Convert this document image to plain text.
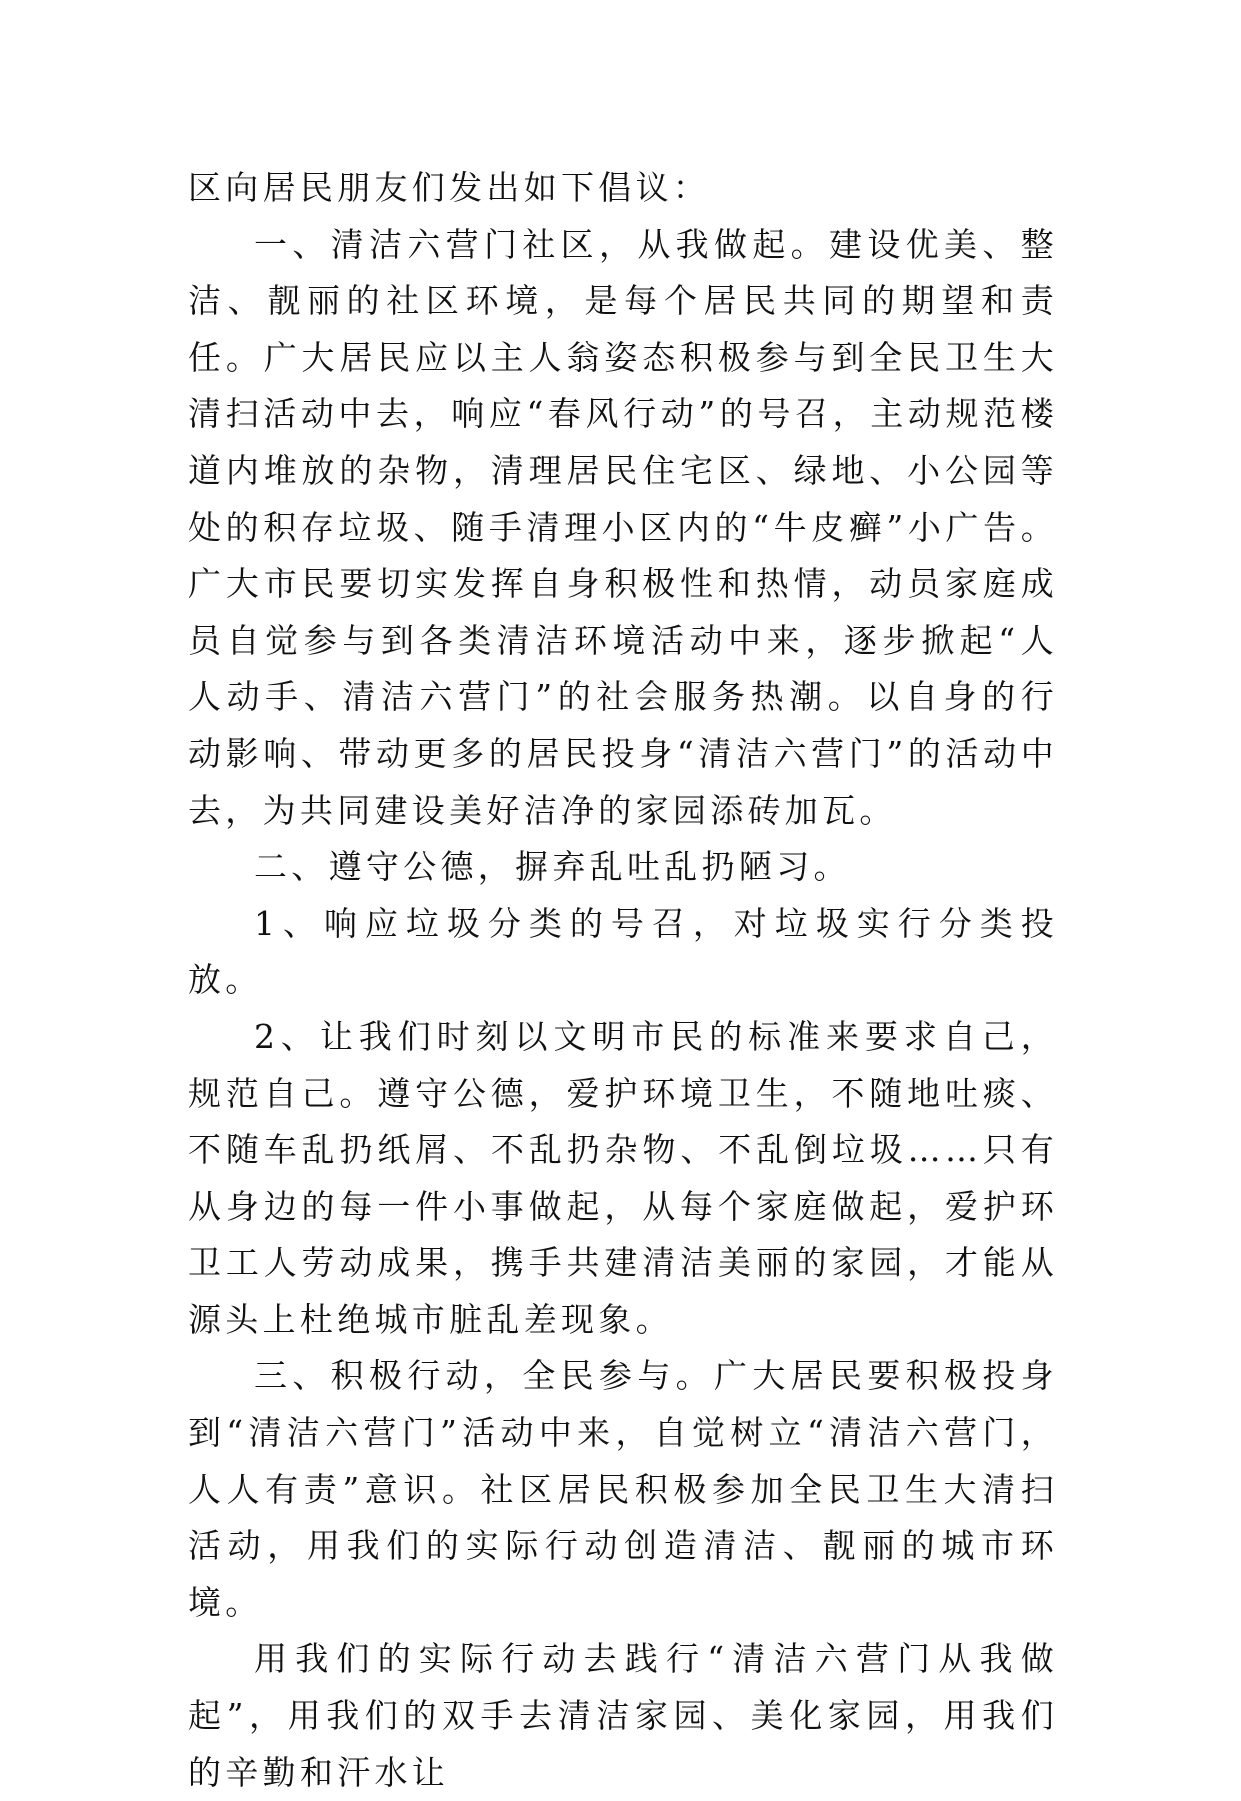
区向居民朋友们发出如下倡议：

一、清洁六营门社区，从我做起。建设优美、整洁、靓丽的社区环境，是每个居民共同的期望和责任。广大居民应以主人翁姿态积极参与到全民卫生大清扫活动中去，响应“春风行动”的号召，主动规范楼道内堆放的杂物，清理居民住宅区、绿地、小公园等处的积存垃圾、随手清理小区内的“牛皮癣”小广告。广大市民要切实发挥自身积极性和热情，动员家庭成员自觉参与到各类清洁环境活动中来，逐步掀起“人人动手、清洁六营门”的社会服务热潮。以自身的行动影响、带动更多的居民投身“清洁六营门”的活动中去，为共同建设美好洁净的家园添砖加瓦。

二、遵守公德，摒弃乱吐乱扔陋习。

1、响应垃圾分类的号召，对垃圾实行分类投放。

2、让我们时刻以文明市民的标准来要求自己，规范自己。遵守公德，爱护环境卫生，不随地吐痰、不随车乱扔纸屑、不乱扔杂物、不乱倒垃圾……只有从身边的每一件小事做起，从每个家庭做起，爱护环卫工人劳动成果，携手共建清洁美丽的家园，才能从源头上杜绝城市脏乱差现象。

三、积极行动，全民参与。广大居民要积极投身到“清洁六营门”活动中来，自觉树立“清洁六营门，人人有责”意识。社区居民积极参加全民卫生大清扫活动，用我们的实际行动创造清洁、靓丽的城市环境。

用我们的实际行动去践行“清洁六营门从我做起”，用我们的双手去清洁家园、美化家园，用我们的辛勤和汗水让
